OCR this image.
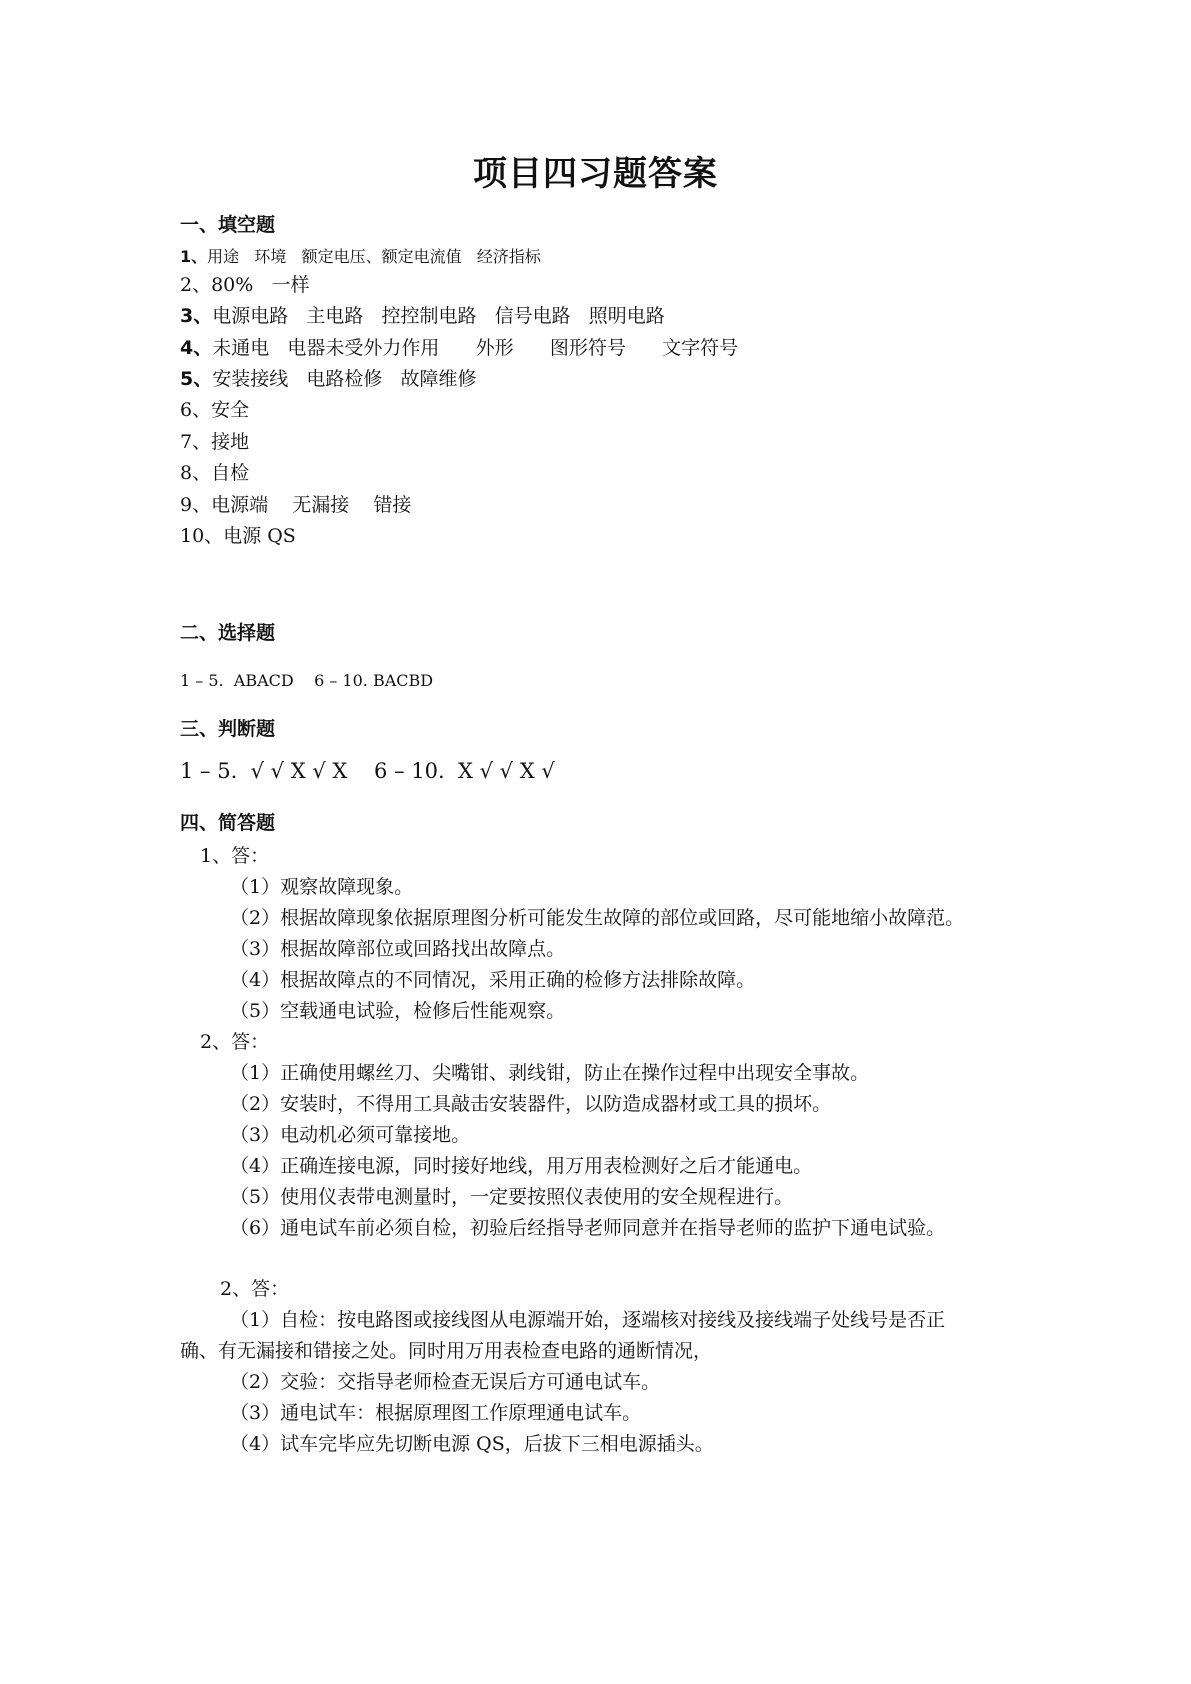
项目四习题答案
一、填空题
1、用途   环境   额定电压、额定电流值   经济指标
2、80%   一样
3、电源电路   主电路   控控制电路   信号电路   照明电路
4、未通电   电器未受外力作用      外形      图形符号      文字符号
5、安装接线   电路检修   故障维修
6、安全
7、接地
8、自检
9、电源端    无漏接    错接
10、电源 QS
二、选择题
1 – 5.  ABACD    6 – 10. BACBD
三、判断题
1 – 5.  √ √ X √ X    6 – 10.  X √ √ X √
四、简答题
1、答：
（1）观察故障现象。
（2）根据故障现象依据原理图分析可能发生故障的部位或回路，尽可能地缩小故障范。
（3）根据故障部位或回路找出故障点。
（4）根据故障点的不同情况，采用正确的检修方法排除故障。
（5）空载通电试验，检修后性能观察。
2、答：
（1）正确使用螺丝刀、尖嘴钳、剥线钳，防止在操作过程中出现安全事故。
（2）安装时，不得用工具敲击安装器件，以防造成器材或工具的损坏。
（3）电动机必须可靠接地。
（4）正确连接电源，同时接好地线，用万用表检测好之后才能通电。
（5）使用仪表带电测量时，一定要按照仪表使用的安全规程进行。
（6）通电试车前必须自检，初验后经指导老师同意并在指导老师的监护下通电试验。
2、答：
（1）自检：按电路图或接线图从电源端开始，逐端核对接线及接线端子处线号是否正
确、有无漏接和错接之处。同时用万用表检查电路的通断情况，
（2）交验：交指导老师检查无误后方可通电试车。
（3）通电试车：根据原理图工作原理通电试车。
（4）试车完毕应先切断电源 QS，后拔下三相电源插头。
